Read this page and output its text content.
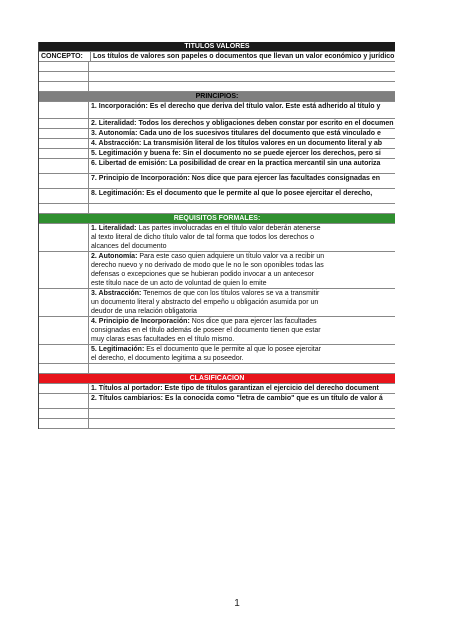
TITULOS VALORES
CONCEPTO:	Los títulos de valores son papeles o documentos que llevan un valor económico y jurídico
PRINCIPIOS:
1. Incorporación: Es el derecho que deriva del título valor. Este está adherido al título y
2. Literalidad: Todos los derechos y obligaciones deben constar por escrito en el documen
3. Autonomía: Cada uno de los sucesivos titulares del documento que está vinculado e
4. Abstracción: La transmisión literal de los títulos valores en un documento literal y ab
5. Legitimación y buena fe: Sin el documento no se puede ejercer los derechos, pero si
6. Libertad de emisión: La posibilidad de crear en la practica mercantil sin una autoriza
7. Principio de Incorporación: Nos dice que para ejercer las facultades consignadas en
8. Legitimación: Es el documento que le permite al que lo posee ejercitar el derecho,
REQUISITOS FORMALES:
1. Literalidad: Las partes involucradas en el título valor deberán atenerse al texto literal de dicho título valor de tal forma que todos los derechos o alcances del documento
2. Autonomía: Para este caso quien adquiere un título valor va a recibir un derecho nuevo y no derivado de modo que le no le son oponibles todas las defensas o excepciones que se hubieran podido invocar a un antecesor este título nace de un acto de voluntad de quien lo emite
3. Abstracción: Tenemos de que con los títulos valores se va a transmitir un documento literal y abstracto del empeño u obligación asumida por un deudor de una relación obligatoria
4. Principio de Incorporación: Nos dice que para ejercer las facultades consignadas en el título además de poseer el documento tienen que estar muy claras esas facultades en el título mismo.
5. Legitimación: Es el documento que le permite al que lo posee ejercitar el derecho, el documento legitima a su poseedor.
CLASIFICACION
1. Títulos al portador: Este tipo de títulos garantizan el ejercicio del derecho document
2. Títulos cambiarios: Es la conocida como "letra de cambio" que es un título de valor á
1
